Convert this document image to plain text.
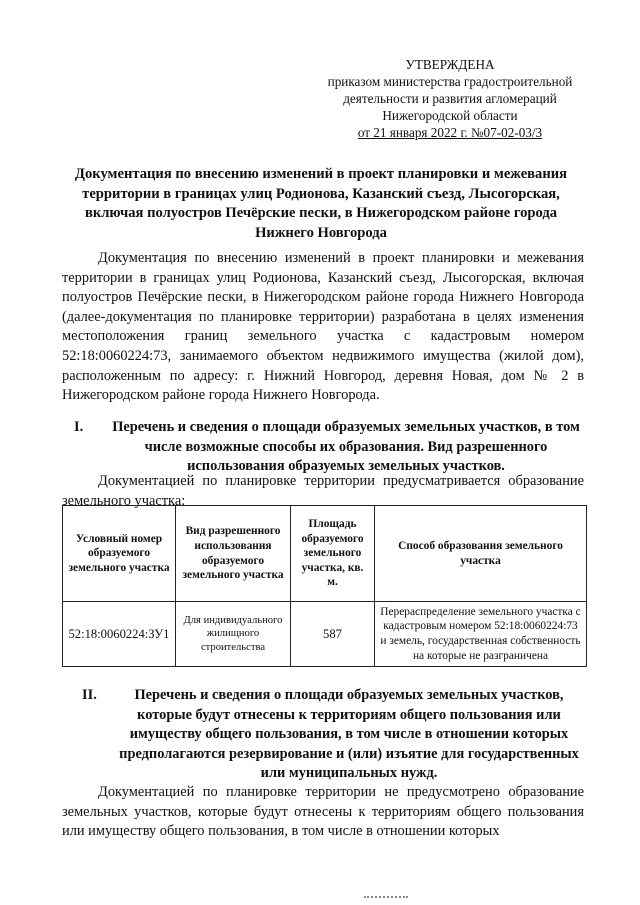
УТВЕРЖДЕНА
приказом министерства градостроительной
деятельности и развития агломераций
Нижегородской области
от 21 января 2022 г. №07-02-03/3
Документация по внесению изменений в проект планировки и межевания территории в границах улиц Родионова, Казанский съезд, Лысогорская, включая полуостров Печёрские пески, в Нижегородском районе города Нижнего Новгорода

Документация по внесению изменений в проект планировки и межевания территории в границах улиц Родионова, Казанский съезд, Лысогорская, включая полуостров Печёрские пески, в Нижегородском районе города Нижнего Новгорода (далее-документация по планировке территории) разработана в целях изменения местоположения границ земельного участка с кадастровым номером 52:18:0060224:73, занимаемого объектом недвижимого имущества (жилой дом), расположенным по адресу: г. Нижний Новгород, деревня Новая, дом № 2 в Нижегородском районе города Нижнего Новгорода.

I.	Перечень и сведения о площади образуемых земельных участков, в том числе возможные способы их образования. Вид разрешенного использования образуемых земельных участков.

Документацией по планировке территории предусматривается образование земельного участка:

Условный номер образуемого земельного участка	Вид разрешенного использования образуемого земельного участка	Площадь образуемого земельного участка, кв. м.	Способ образования земельного участка
52:18:0060224:ЗУ1	Для индивидуального жилищного строительства	587	Перераспределение земельного участка с кадастровым номером 52:18:0060224:73 и земель, государственная собственность на которые не разграничена
II.	Перечень и сведения о площади образуемых земельных участков, которые будут отнесены к территориям общего пользования или имуществу общего пользования, в том числе в отношении которых предполагаются резервирование и (или) изъятие для государственных или муниципальных нужд.

Документацией по планировке территории не предусмотрено образование земельных участков, которые будут отнесены к территориям общего пользования или имуществу общего пользования, в том числе в отношении которых
